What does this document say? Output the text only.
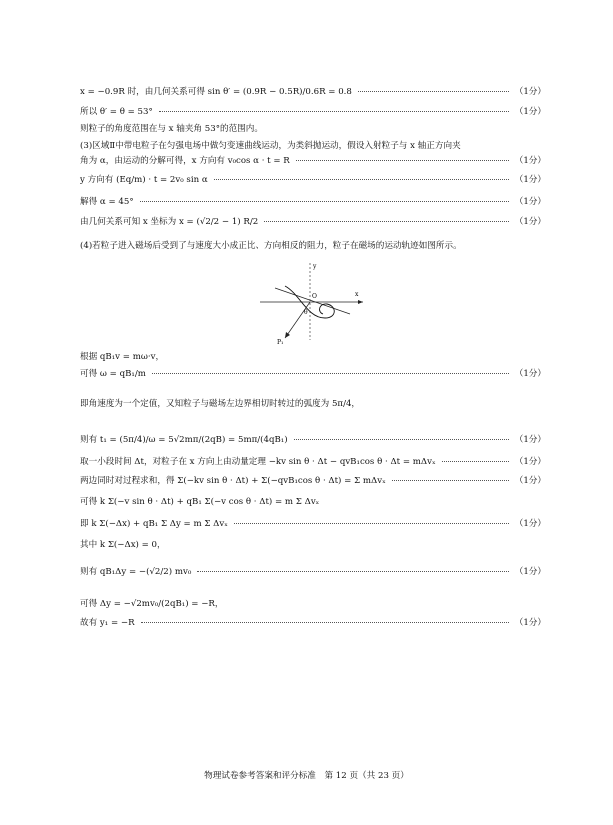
x = −0.9R 时，由几何关系可得 sin θ′ = (0.9R − 0.5R)/0.6R = 0.8	（1分）
所以 θ′ = θ = 53°	（1分）
则粒子的角度范围在与 x 轴夹角 53°的范围内。
(3)区域Ⅱ中带电粒子在匀强电场中做匀变速曲线运动，为类斜抛运动，假设入射粒子与 x 轴正方向夹
角为 α，由运动的分解可得，x 方向有 v₀cos α · t = R	（1分）
y 方向有 (Eq/m) · t = 2v₀ sin α	（1分）
解得 α = 45°	（1分）
由几何关系可知 x 坐标为 x = (√2/2 − 1) R/2	（1分）
(4)若粒子进入磁场后受到了与速度大小成正比、方向相反的阻力，粒子在磁场的运动轨迹如图所示。
y
x
θ
O
P₁
根据 qB₁v = mω·v，
可得 ω = qB₁/m	（1分）
即角速度为一个定值，又知粒子与磁场左边界相切时转过的弧度为 5π/4，
则有 t₁ = (5π/4)/ω = 5√2mπ/(2qB) = 5mπ/(4qB₁)	（1分）
取一小段时间 Δt，对粒子在 x 方向上由动量定理 −kv sin θ · Δt − qvB₁cos θ · Δt = mΔvₓ	（1分）
两边同时对过程求和，得 Σ(−kv sin θ · Δt) + Σ(−qvB₁cos θ · Δt) = Σ mΔvₓ	（1分）
可得 k Σ(−v sin θ · Δt) + qB₁ Σ(−v cos θ · Δt) = m Σ Δvₓ
即 k Σ(−Δx) + qB₁ Σ Δy = m Σ Δvₓ	（1分）
其中 k Σ(−Δx) = 0，
则有 qB₁Δy = −(√2/2) mv₀	（1分）
可得 Δy = −√2mv₀/(2qB₁) = −R，
故有 y₁ = −R	（1分）
物理试卷参考答案和评分标准　第 12 页（共 23 页）
